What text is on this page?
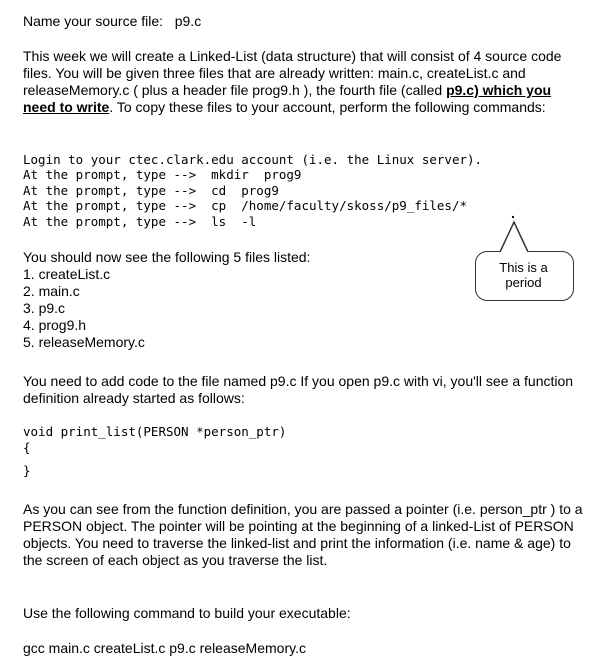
Name your source file: p9.c

This week we will create a Linked-List (data structure) that will consist of 4 source code files. You will be given three files that are already written: main.c, createList.c and releaseMemory.c ( plus a header file prog9.h ), the fourth file (called p9.c) which you need to write. To copy these files to your account, perform the following commands:

Login to your ctec.clark.edu account (i.e. the Linux server).
At the prompt, type -->  mkdir  prog9
At the prompt, type -->  cd  prog9
At the prompt, type -->  cp  /home/faculty/skoss/p9_files/*
At the prompt, type -->  ls  -l
.
This is a
period

You should now see the following 5 files listed:

1. createList.c
2. main.c
3. p9.c
4. prog9.h
5. releaseMemory.c

You need to add code to the file named p9.c If you open p9.c with vi, you'll see a function definition already started as follows:

void print_list(PERSON *person_ptr)
{
}

As you can see from the function definition, you are passed a pointer (i.e. person_ptr ) to a PERSON object. The pointer will be pointing at the beginning of a linked-List of PERSON objects. You need to traverse the linked-list and print the information (i.e. name & age) to the screen of each object as you traverse the list.

Use the following command to build your executable:

gcc main.c createList.c p9.c releaseMemory.c
